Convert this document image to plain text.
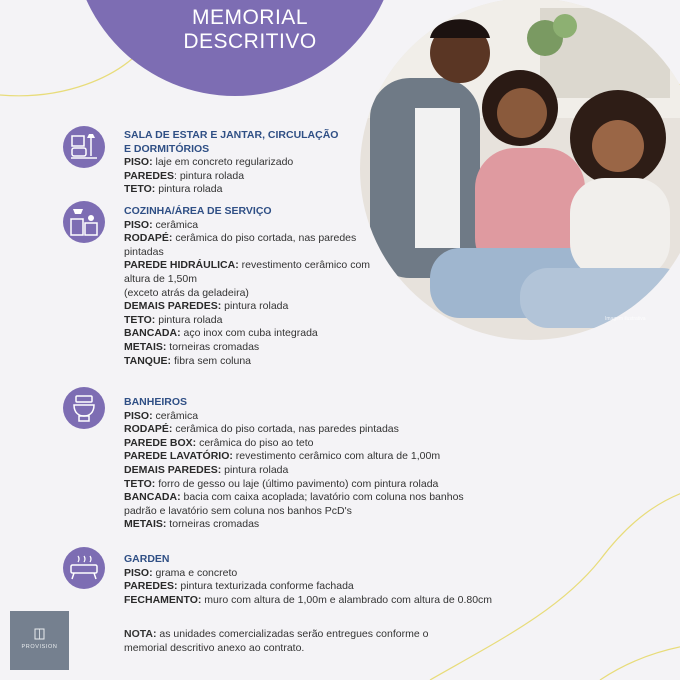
MEMORIAL
DESCRITIVO
Imagem ilustrativa
SALA DE ESTAR E JANTAR, CIRCULAÇÃO
E DORMITÓRIOS
PISO: laje em concreto regularizado
PAREDES: pintura rolada
TETO: pintura rolada
COZINHA/ÁREA DE SERVIÇO
PISO: cerâmica
RODAPÉ: cerâmica do piso cortada, nas paredes
pintadas
PAREDE HIDRÁULICA: revestimento cerâmico com
altura de 1,50m
(exceto atrás da geladeira)
DEMAIS PAREDES: pintura rolada
TETO: pintura rolada
BANCADA: aço inox com cuba integrada
METAIS: torneiras cromadas
TANQUE: fibra sem coluna
BANHEIROS
PISO: cerâmica
RODAPÉ: cerâmica do piso cortada, nas paredes pintadas
PAREDE BOX: cerâmica do piso ao teto
PAREDE LAVATÓRIO: revestimento cerâmico com altura de 1,00m
DEMAIS PAREDES: pintura rolada
TETO: forro de gesso ou laje (último pavimento) com pintura rolada
BANCADA: bacia com caixa acoplada; lavatório com coluna nos banhos
padrão e lavatório sem coluna nos banhos PcD's
METAIS: torneiras cromadas
GARDEN
PISO: grama e concreto
PAREDES: pintura texturizada conforme fachada
FECHAMENTO: muro com altura de 1,00m e alambrado com altura de 0.80cm
NOTA: as unidades comercializadas serão entregues conforme o
memorial descritivo anexo ao contrato.
PROVISION
